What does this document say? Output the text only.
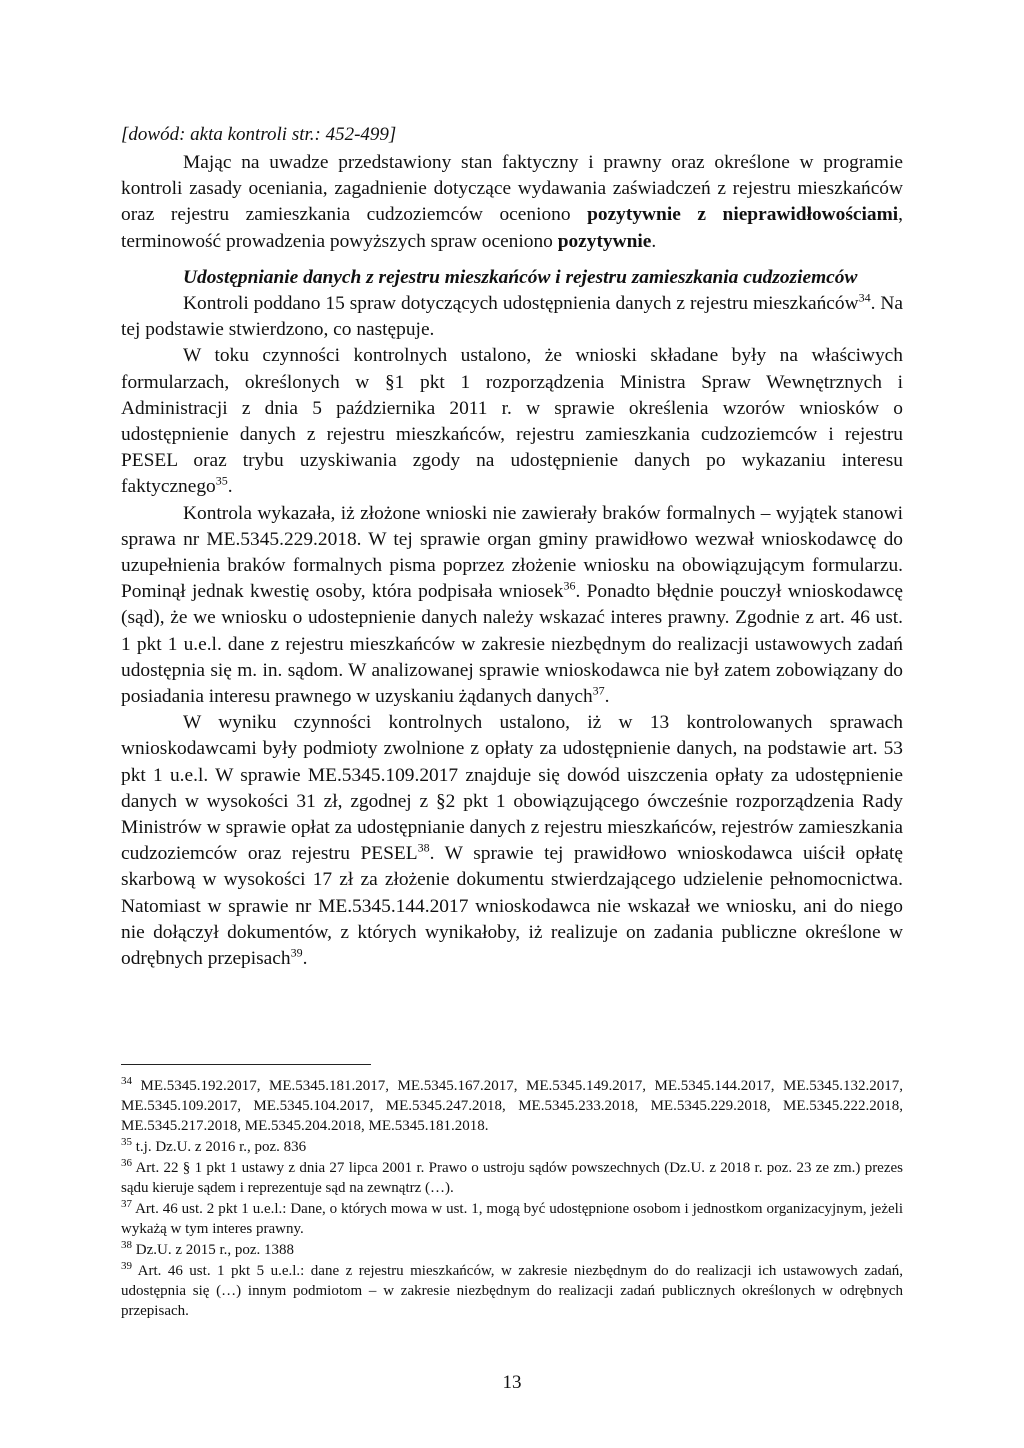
[dowód: akta kontroli str.: 452-499]

Mając na uwadze przedstawiony stan faktyczny i prawny oraz określone w programie kontroli zasady oceniania, zagadnienie dotyczące wydawania zaświadczeń z rejestru mieszkańców oraz rejestru zamieszkania cudzoziemców oceniono pozytywnie z nieprawidłowościami, terminowość prowadzenia powyższych spraw oceniono pozytywnie.

Udostępnianie danych z rejestru mieszkańców i rejestru zamieszkania cudzoziemców

Kontroli poddano 15 spraw dotyczących udostępnienia danych z rejestru mieszkańców$^{34}$. Na tej podstawie stwierdzono, co następuje.

W toku czynności kontrolnych ustalono, że wnioski składane były na właściwych formularzach, określonych w §1 pkt 1 rozporządzenia Ministra Spraw Wewnętrznych i Administracji z dnia 5 października 2011 r. w sprawie określenia wzorów wniosków o udostępnienie danych z rejestru mieszkańców, rejestru zamieszkania cudzoziemców i rejestru PESEL oraz trybu uzyskiwania zgody na udostępnienie danych po wykazaniu interesu faktycznego$^{35}$.

Kontrola wykazała, iż złożone wnioski nie zawierały braków formalnych – wyjątek stanowi sprawa nr ME.5345.229.2018. W tej sprawie organ gminy prawidłowo wezwał wnioskodawcę do uzupełnienia braków formalnych pisma poprzez złożenie wniosku na obowiązującym formularzu. Pominął jednak kwestię osoby, która podpisała wniosek$^{36}$. Ponadto błędnie pouczył wnioskodawcę (sąd), że we wniosku o udostepnienie danych należy wskazać interes prawny. Zgodnie z art. 46 ust. 1 pkt 1 u.e.l. dane z rejestru mieszkańców w zakresie niezbędnym do realizacji ustawowych zadań udostępnia się m. in. sądom. W analizowanej sprawie wnioskodawca nie był zatem zobowiązany do posiadania interesu prawnego w uzyskaniu żądanych danych$^{37}$.

W wyniku czynności kontrolnych ustalono, iż w 13 kontrolowanych sprawach wnioskodawcami były podmioty zwolnione z opłaty za udostępnienie danych, na podstawie art. 53 pkt 1 u.e.l. W sprawie ME.5345.109.2017 znajduje się dowód uiszczenia opłaty za udostępnienie danych w wysokości 31 zł, zgodnej z §2 pkt 1 obowiązującego ówcześnie rozporządzenia Rady Ministrów w sprawie opłat za udostępnianie danych z rejestru mieszkańców, rejestrów zamieszkania cudzoziemców oraz rejestru PESEL$^{38}$. W sprawie tej prawidłowo wnioskodawca uiścił opłatę skarbową w wysokości 17 zł za złożenie dokumentu stwierdzającego udzielenie pełnomocnictwa. Natomiast w sprawie nr ME.5345.144.2017 wnioskodawca nie wskazał we wniosku, ani do niego nie dołączył dokumentów, z których wynikałoby, iż realizuje on zadania publiczne określone w odrębnych przepisach$^{39}$.

$^{34}$ ME.5345.192.2017, ME.5345.181.2017, ME.5345.167.2017, ME.5345.149.2017, ME.5345.144.2017, ME.5345.132.2017, ME.5345.109.2017, ME.5345.104.2017, ME.5345.247.2018, ME.5345.233.2018, ME.5345.229.2018, ME.5345.222.2018, ME.5345.217.2018, ME.5345.204.2018, ME.5345.181.2018.
$^{35}$ t.j. Dz.U. z 2016 r., poz. 836
$^{36}$ Art. 22 § 1 pkt 1 ustawy z dnia 27 lipca 2001 r. Prawo o ustroju sądów powszechnych (Dz.U. z 2018 r. poz. 23 ze zm.) prezes sądu kieruje sądem i reprezentuje sąd na zewnątrz (…).
$^{37}$ Art. 46 ust. 2 pkt 1 u.e.l.: Dane, o których mowa w ust. 1, mogą być udostępnione osobom i jednostkom organizacyjnym, jeżeli wykażą w tym interes prawny.
$^{38}$ Dz.U. z 2015 r., poz. 1388
$^{39}$ Art. 46 ust. 1 pkt 5 u.e.l.: dane z rejestru mieszkańców, w zakresie niezbędnym do do realizacji ich ustawowych zadań, udostępnia się (…) innym podmiotom – w zakresie niezbędnym do realizacji zadań publicznych określonych w odrębnych przepisach.
13
